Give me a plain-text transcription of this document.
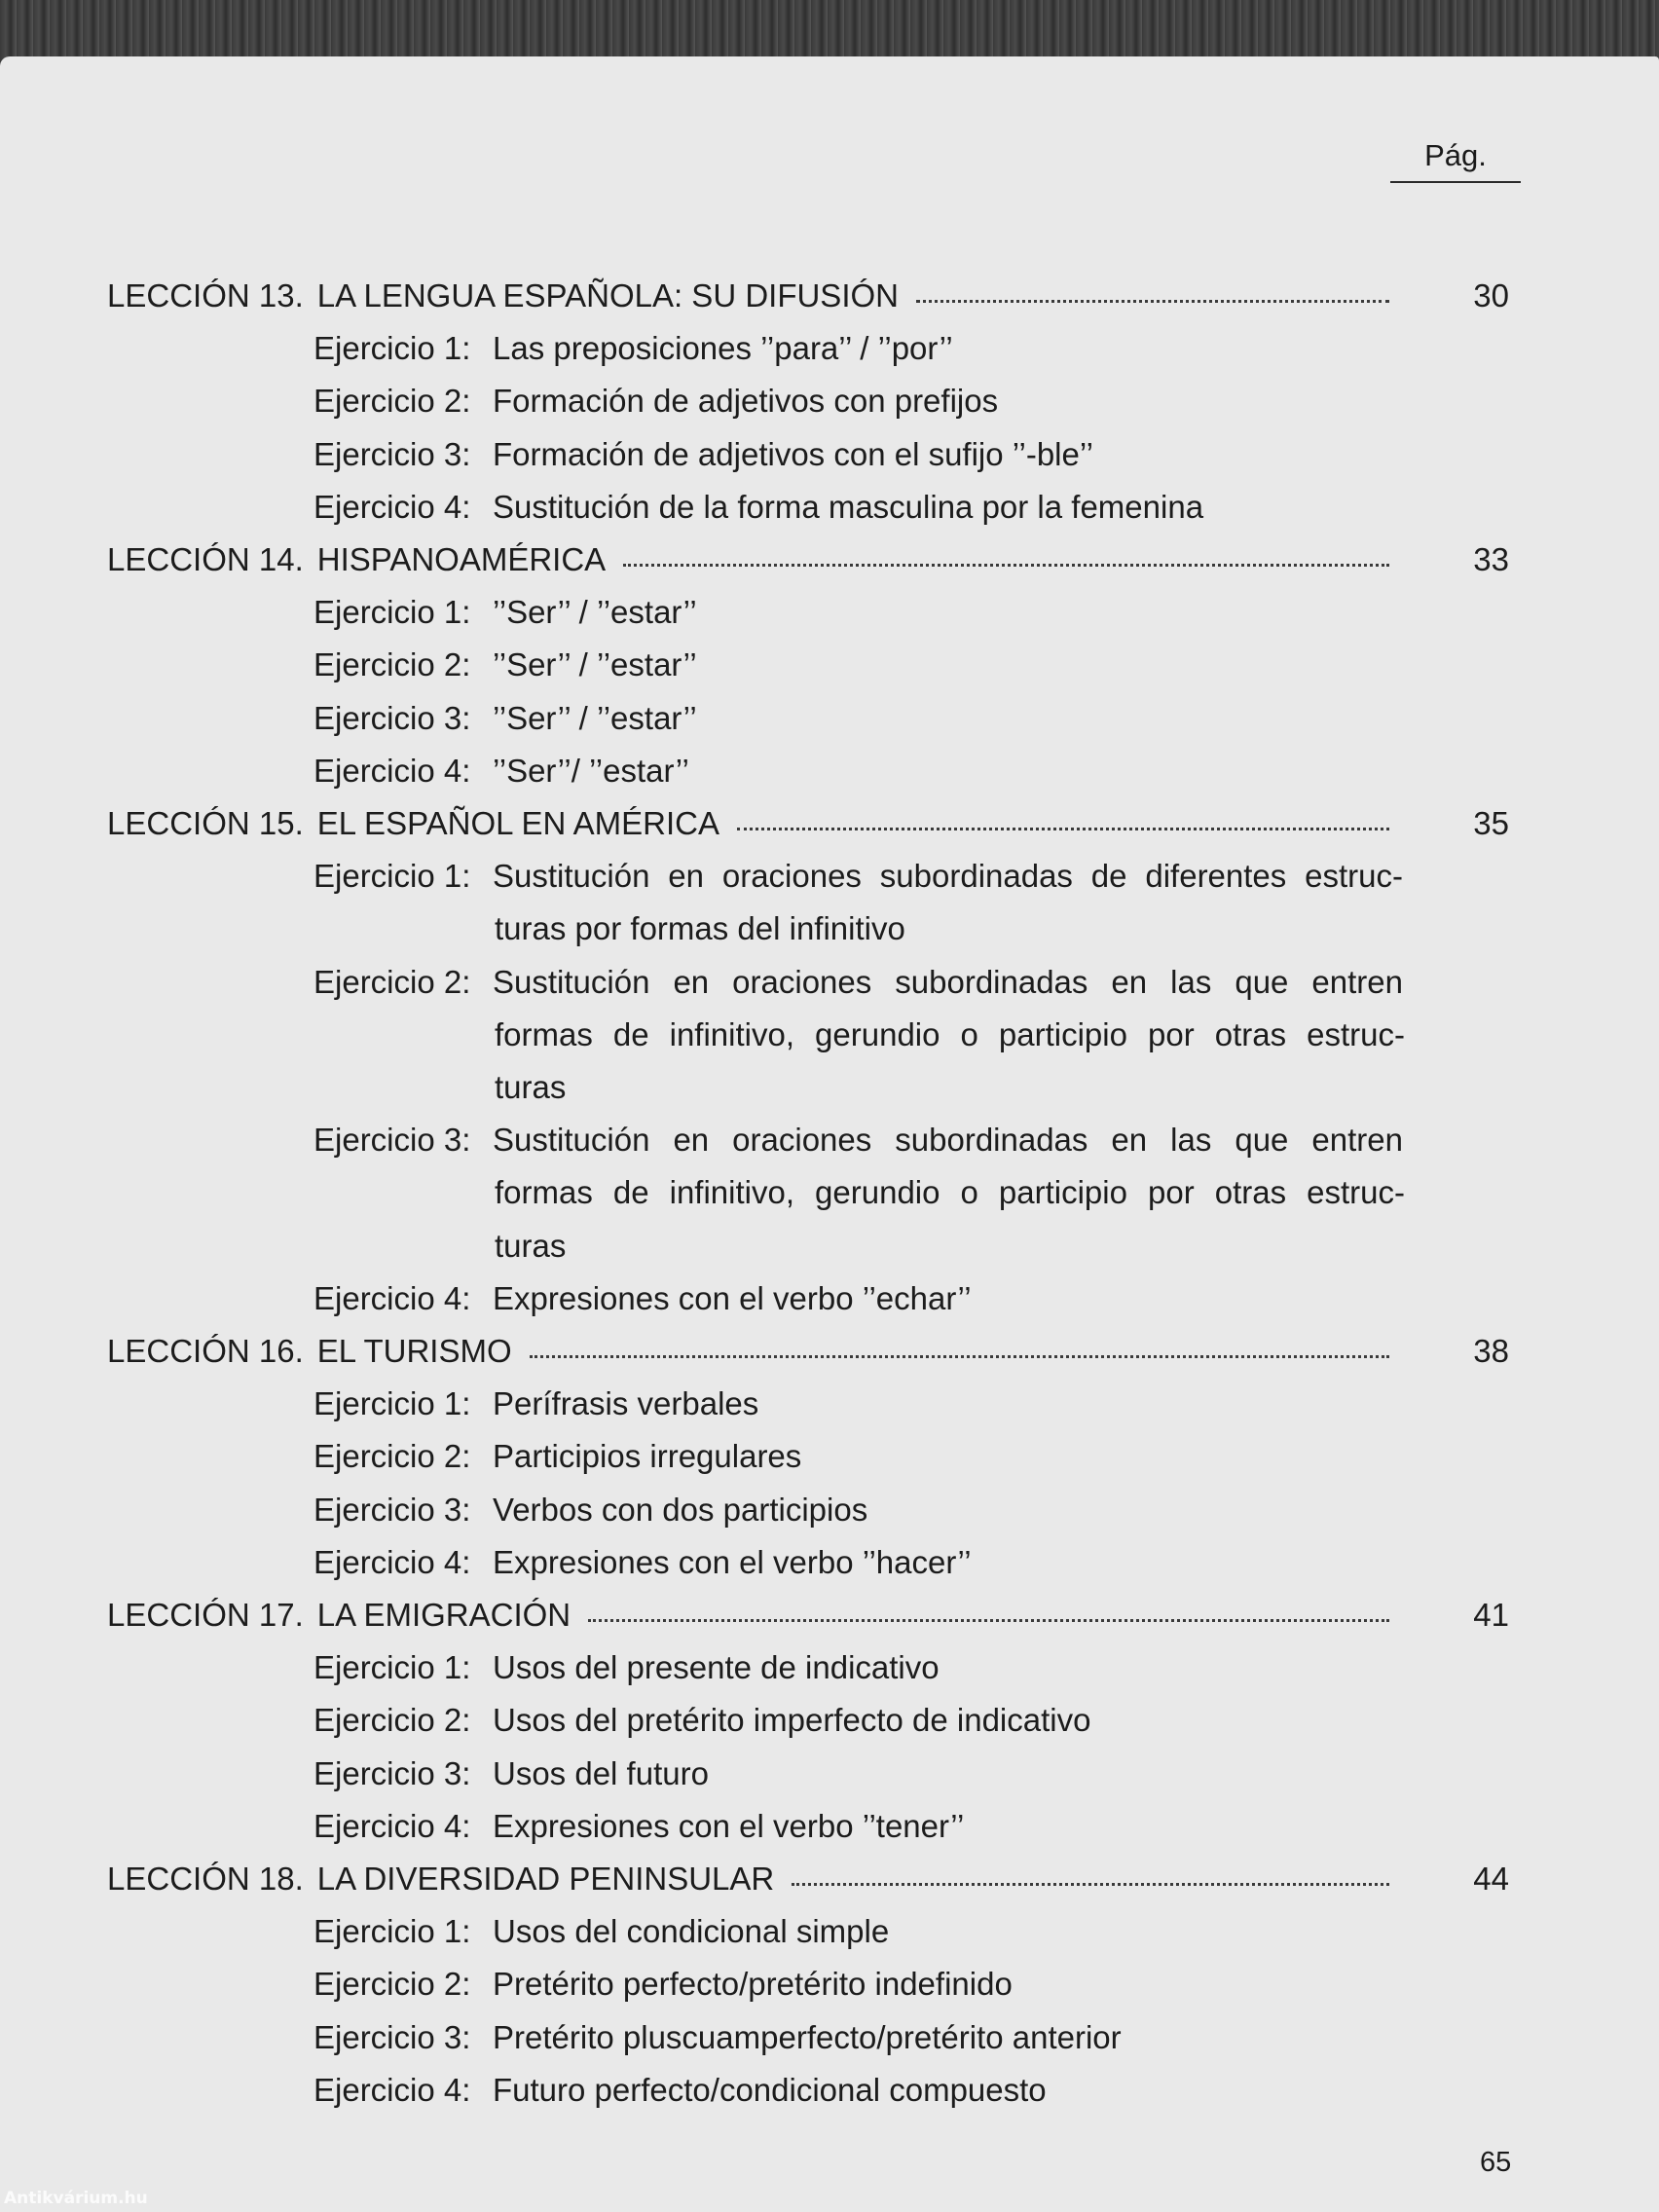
Pág.
LECCIÓN 13. LA LENGUA ESPAÑOLA: SU DIFUSIÓN	30
Ejercicio 1: Las preposiciones ’’para’’ / ’’por’’
Ejercicio 2: Formación de adjetivos con prefijos
Ejercicio 3: Formación de adjetivos con el sufijo ’’-ble’’
Ejercicio 4: Sustitución de la forma masculina por la femenina
LECCIÓN 14. HISPANOAMÉRICA	33
Ejercicio 1: ’’Ser’’ / ’’estar’’
Ejercicio 2: ’’Ser’’ / ’’estar’’
Ejercicio 3: ’’Ser’’ / ’’estar’’
Ejercicio 4: ’’Ser’’/ ’’estar’’
LECCIÓN 15. EL ESPAÑOL EN AMÉRICA	35
Ejercicio 1: Sustitución en oraciones subordinadas de diferentes estruc-
turas por formas del infinitivo
Ejercicio 2: Sustitución en oraciones subordinadas en las que entren
formas de infinitivo, gerundio o participio por otras estruc-
turas
Ejercicio 3: Sustitución en oraciones subordinadas en las que entren
formas de infinitivo, gerundio o participio por otras estruc-
turas
Ejercicio 4: Expresiones con el verbo ’’echar’’
LECCIÓN 16. EL TURISMO	38
Ejercicio 1: Perífrasis verbales
Ejercicio 2: Participios irregulares
Ejercicio 3: Verbos con dos participios
Ejercicio 4: Expresiones con el verbo ’’hacer’’
LECCIÓN 17. LA EMIGRACIÓN	41
Ejercicio 1: Usos del presente de indicativo
Ejercicio 2: Usos del pretérito imperfecto de indicativo
Ejercicio 3: Usos del futuro
Ejercicio 4: Expresiones con el verbo ’’tener’’
LECCIÓN 18. LA DIVERSIDAD PENINSULAR	44
Ejercicio 1: Usos del condicional simple
Ejercicio 2: Pretérito perfecto/pretérito indefinido
Ejercicio 3: Pretérito pluscuamperfecto/pretérito anterior
Ejercicio 4: Futuro perfecto/condicional compuesto
65
Antikvárium.hu
